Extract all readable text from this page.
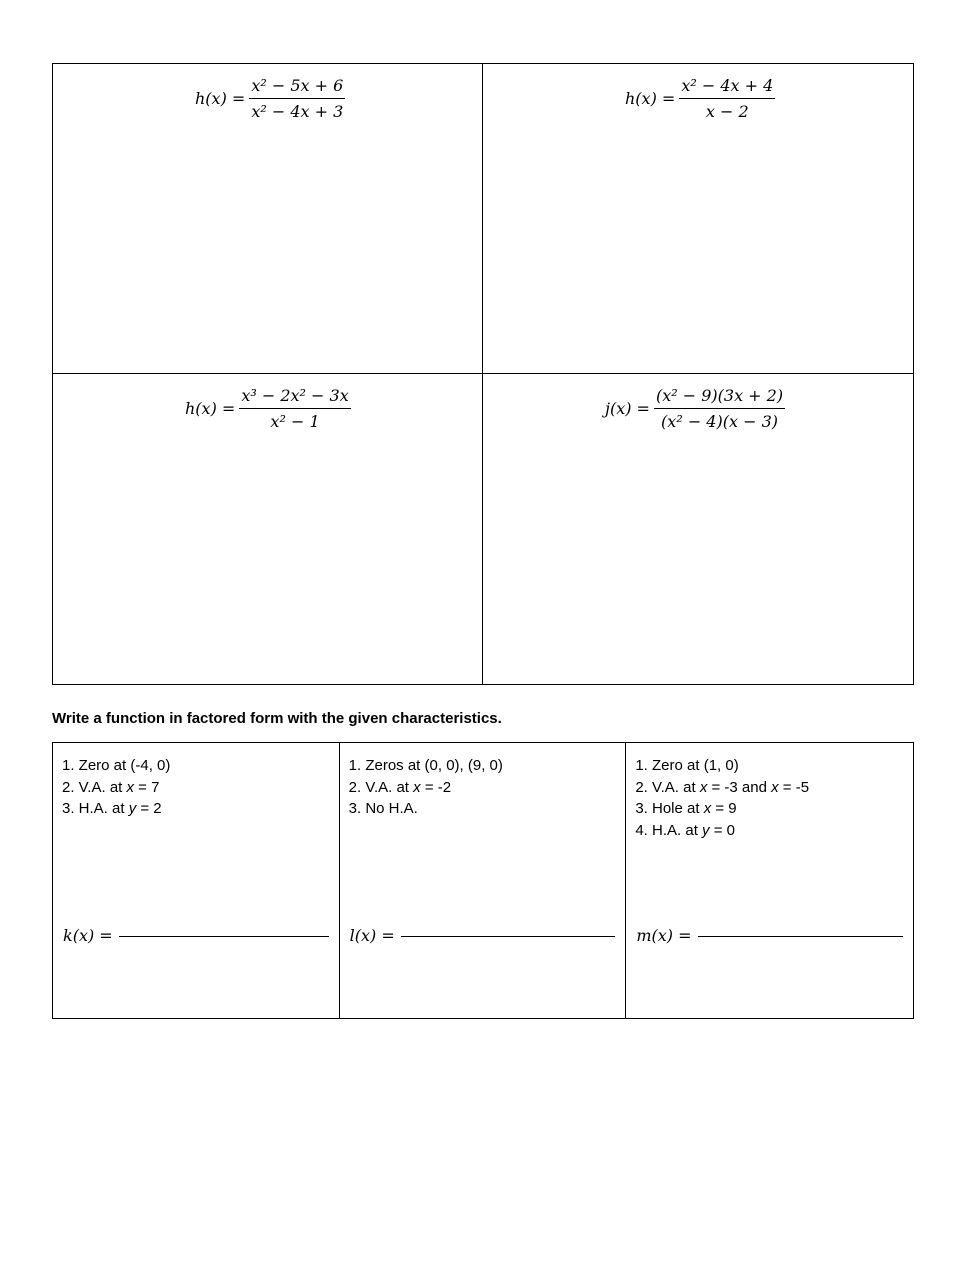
$h(x) = \frac{\text{x² − 5x + 6}}{\text{x² − 4x + 3}}$	$h(x) = \frac{\text{x² − 4x + 4}}{x - 2}$
$h(x) = \frac{\text{x³ − 2x² − 3x}}{\text{x² − 1}}$	$j(x) = \frac{\text{(x² − 9)(3x + 2)}}{\text{(x² − 4)(x − 3)}}$
Write a function in factored form with the given characteristics.
1. Zero at (-4, 0)
2. V.A. at x = 7
3. H.A. at y = 2
k(x) =
1. Zeros at (0, 0), (9, 0)
2. V.A. at x = -2
3. No H.A.
l(x) =
1. Zero at (1, 0)
2. V.A. at x = -3 and x = -5
3. Hole at x = 9
4. H.A. at y = 0
m(x) =
